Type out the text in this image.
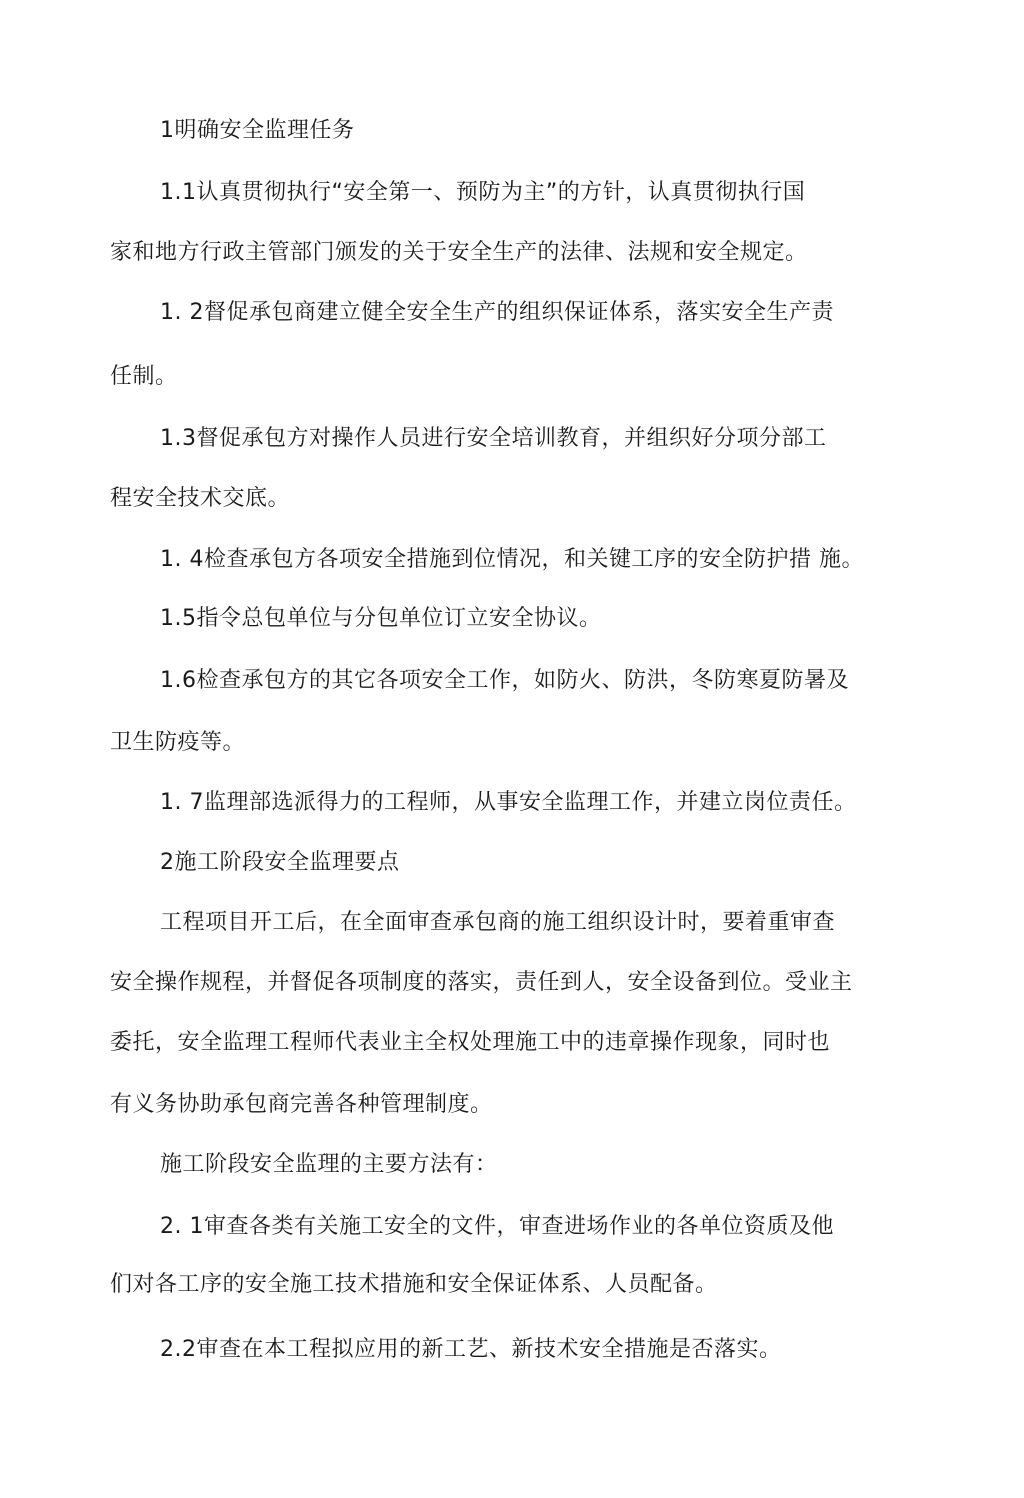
1明确安全监理任务
1.1认真贯彻执行“安全第一、预防为主”的方针，认真贯彻执行国
家和地方行政主管部门颁发的关于安全生产的法律、法规和安全规定。
1. 2督促承包商建立健全安全生产的组织保证体系，落实安全生产责
任制。
1.3督促承包方对操作人员进行安全培训教育，并组织好分项分部工
程安全技术交底。
1. 4检查承包方各项安全措施到位情况，和关键工序的安全防护措 施。
1.5指令总包单位与分包单位订立安全协议。
1.6检查承包方的其它各项安全工作，如防火、防洪，冬防寒夏防暑及
卫生防疫等。
1. 7监理部选派得力的工程师，从事安全监理工作，并建立岗位责任。
2施工阶段安全监理要点
工程项目开工后，在全面审查承包商的施工组织设计时，要着重审查
安全操作规程，并督促各项制度的落实，责任到人，安全设备到位。受业主
委托，安全监理工程师代表业主全权处理施工中的违章操作现象，同时也
有义务协助承包商完善各种管理制度。
施工阶段安全监理的主要方法有：
2. 1审查各类有关施工安全的文件，审查进场作业的各单位资质及他
们对各工序的安全施工技术措施和安全保证体系、人员配备。
2.2审查在本工程拟应用的新工艺、新技术安全措施是否落实。
